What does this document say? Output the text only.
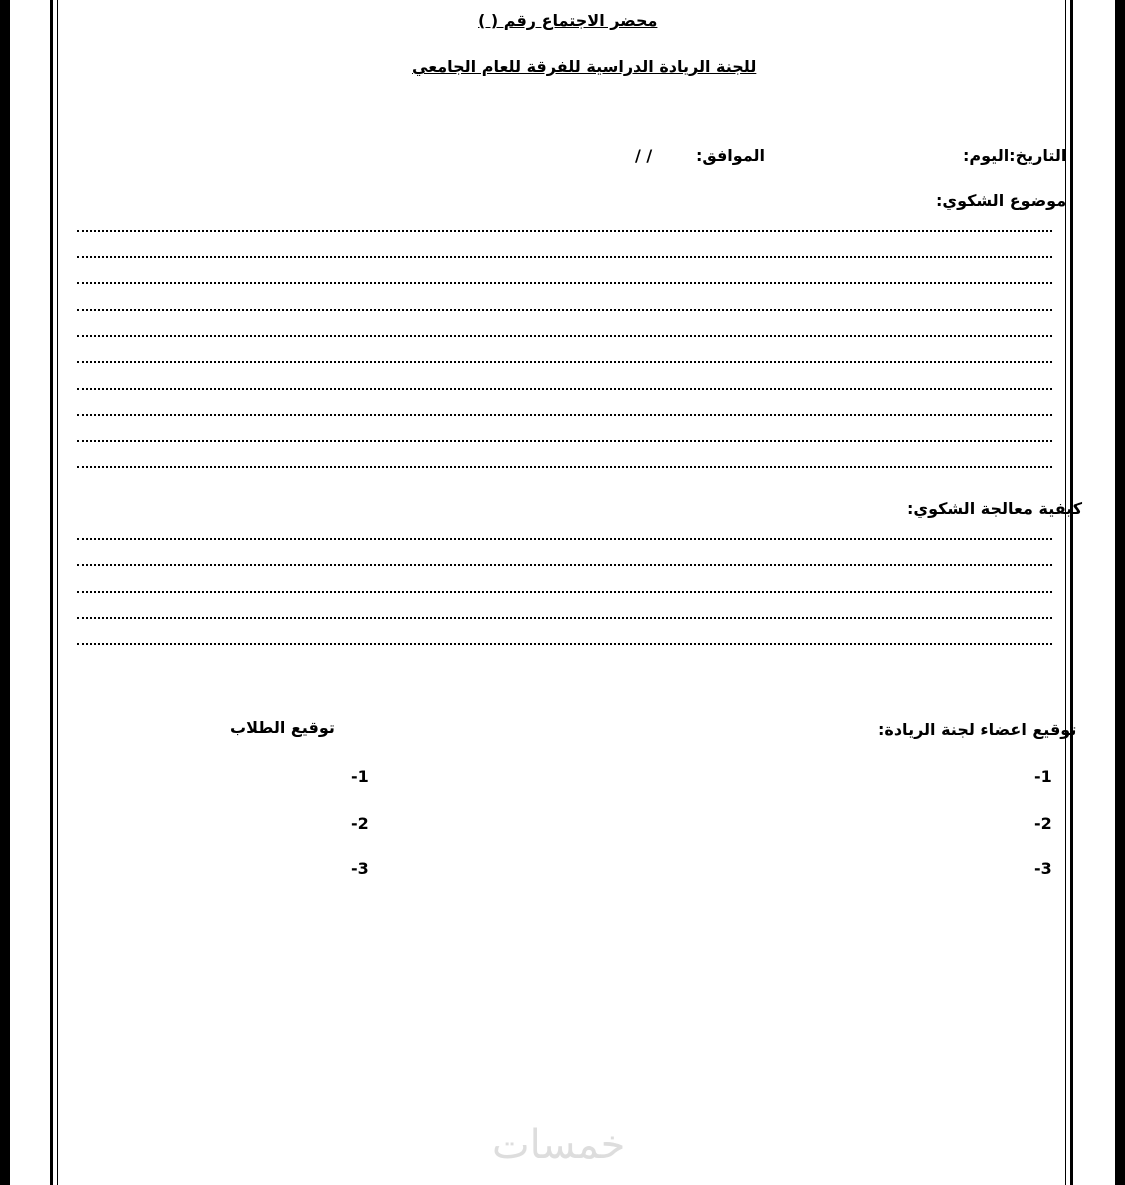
محضر الاجتماع رقم ( )
للجنة الريادة الدراسية للفرقة للعام الجامعي
التاريخ:اليوم:
الموافق:
/ /
موضوع الشكوي:
كيفية معالجة الشكوي:
توقيع اعضاء لجنة الريادة:
توقيع الطلاب
1-
2-
3-
1-
2-
3-
خمسات
